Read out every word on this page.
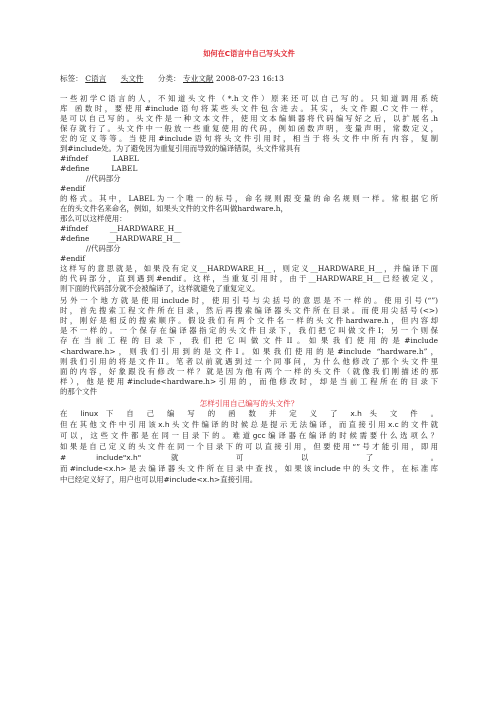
如何在C语言中自己写头文件
标签： C语言 头文件 分类： 专业文献 2008-07-23 16:13
一些初学C语言的人，不知道头文件（*.h文件）原来还可以自己写的。只知道调用系统
库 函数时，要使用#include语句将某些头文件包含进去。其实，头文件跟.C文件一样，
是可以自己写的。头文件是一种文本文件，使用文本编辑器将代码编写好之后，以扩展名.h
保存就行了。头文件中一般放一些重复使用的代码，例如函数声明，变量声明，常数定义，
宏的定义等等。当使用#include语句将头文件引用时，相当于将头文件中所有内容，复制
到#include处。为了避免因为重复引用而导致的编译错误，头文件常具有
#ifndef	LABEL
#define	LABEL
//代码部分
#endif
的格式。其中，LABEL为一个唯一的标号，命名规则跟变量的命名规则一样。常根据它所
在的头文件名来命名，例如，如果头文件的文件名叫做hardware.h，
那么可以这样使用：
#ifndef	__HARDWARE_H__
#define	__HARDWARE_H__
//代码部分
#endif
这样写的意思就是，如果没有定义__HARDWARE_H__，则定义__HARDWARE_H__，并编译下面
的代码部分，直到遇到#endif。这样，当重复引用时，由于__HARDWARE_H__已经被定义，
则下面的代码部分就不会被编译了，这样就避免了重复定义。
另外一个地方就是使用include时，使用引号与尖括号的意思是不一样的。使用引号(“”)
时，首先搜索工程文件所在目录，然后再搜索编译器头文件所在目录。而使用尖括号(<>)
时，刚好是相反的搜索顺序。假设我们有两个文件名一样的头文件hardware.h，但内容却
是不一样的。一个保存在编译器指定的头文件目录下，我们把它叫做文件I；另一个则保
存在当前工程的目录下，我们把它叫做文件II。如果我们使用的是#include
<hardware.h>，则我们引用到的是文件I。如果我们使用的是#include “hardware.h”，
则我们引用的将是文件II。笔者以前就遇到过一个同事问，为什么他修改了那个头文件里
面的内容，好象跟没有修改一样？就是因为他有两个一样的头文件（就像我们刚描述的那
样），他是使用#include<hardware.h>引用的，而他修改时，却是当前工程所在的目录下
的那个文件
怎样引用自己编写的头文件？
在 linux 下 自 己 编 写 的 函 数 并 定 义 了 x.h 头 文 件 。
但在其他文件中引用该x.h头文件编译的时候总是提示无法编译，而直接引用x.c的文件就
可以，这些文件都是在同一目录下的。难道gcc编译器在编译的时候需要什么选项么？
如果是自己定义的头文件在同一个目录下的可以直接引用，但要使用“”号才能引用，即用
# include"x.h" 就 可 以 了 。
而#include<x.h>是去编译器头文件所在目录中查找，如果该include中的头文件，在标准库
中已经定义好了，用户也可以用#include<x.h>直接引用。
